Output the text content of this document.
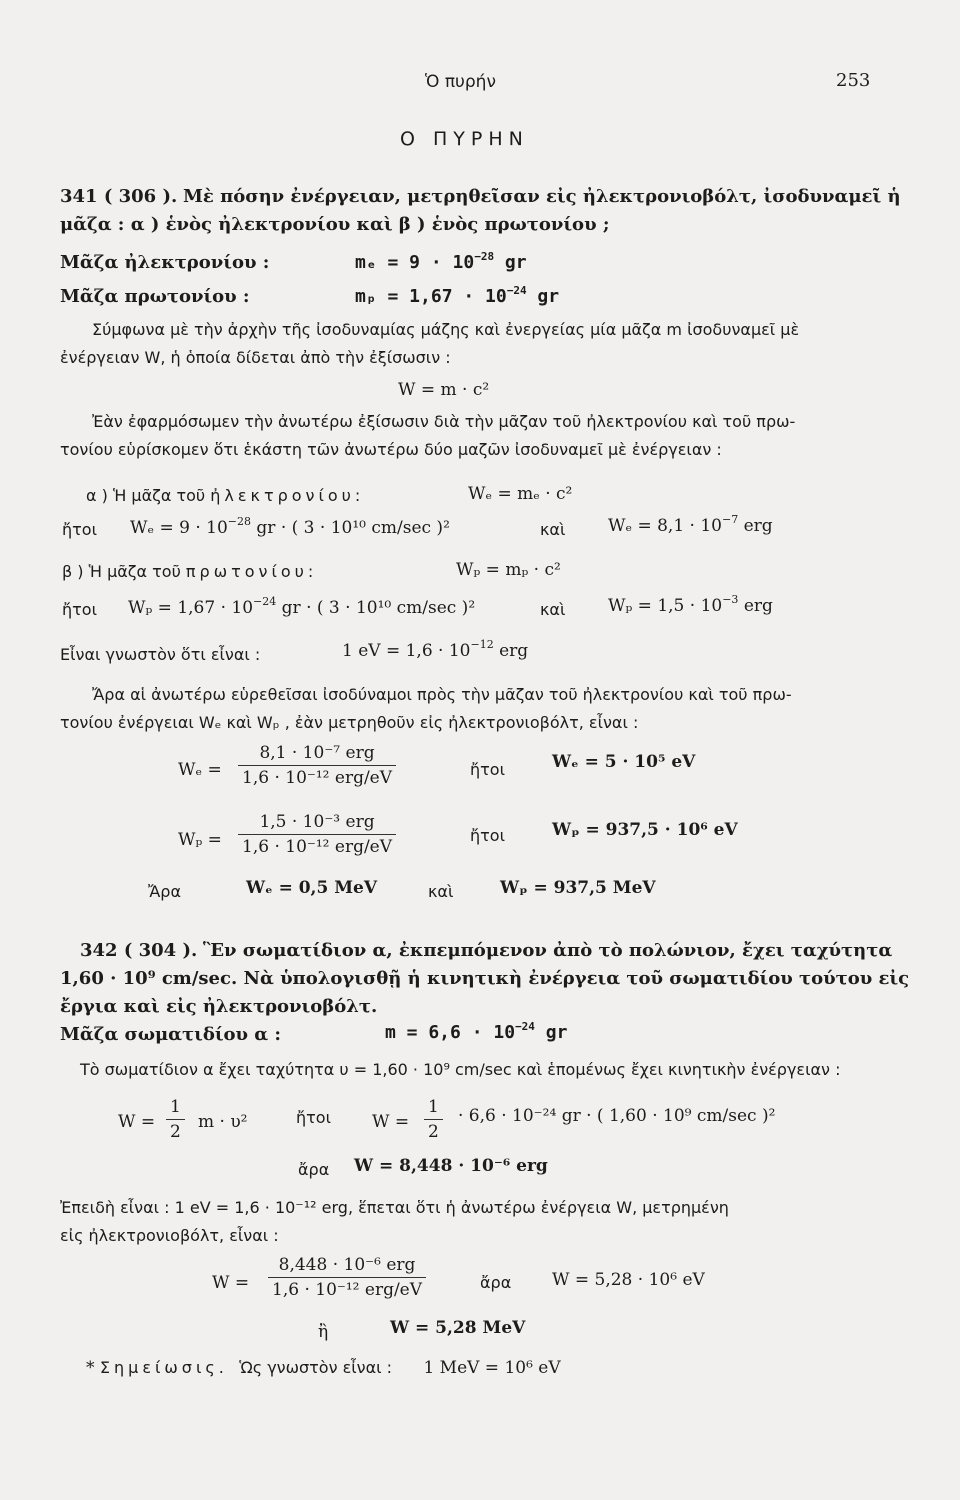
Ὁ πυρήν	253
Ο ΠΥΡΗΝ
341 ( 306 ). Μὲ πόσην ἐνέργειαν, μετρηθεῖσαν εἰς ἠλεκτρονιοβόλτ, ἰσοδυναμεῖ ἡ
μᾶζα : α ) ἑνὸς ἠλεκτρονίου καὶ β ) ἑνὸς πρωτονίου ;
Μᾶζα ἠλεκτρονίου :	$m_e = 9 \cdot 10^{-28}$ gr
Μᾶζα πρωτονίου :	$m_p = 1,67 \cdot 10^{-24}$ gr
Σύμφωνα μὲ τὴν ἀρχὴν τῆς ἰσοδυναμίας μάζης καὶ ἐνεργείας μία μᾶζα m ἰσοδυναμεῖ μὲ
ἐνέργειαν W, ἡ ὁποία δίδεται ἀπὸ τὴν ἐξίσωσιν :
W = m · c²
Ἐὰν ἐφαρμόσωμεν τὴν ἀνωτέρω ἐξίσωσιν διὰ τὴν μᾶζαν τοῦ ἠλεκτρονίου καὶ τοῦ πρω-
τονίου εὑρίσκομεν ὅτι ἑκάστη τῶν ἀνωτέρω δύο μαζῶν ἰσοδυναμεῖ μὲ ἐνέργειαν :
α ) Ἡ μᾶζα τοῦ ἠλεκτρονίου:	Wₑ = mₑ · c²
ἤτοι $W_e = 9 \cdot 10^{-28}$ gr · ( 3 · 10¹⁰ cm/sec )²	καὶ	$W_e = 8,1 \cdot 10^{-7}$ erg
β ) Ἡ μᾶζα τοῦ πρωτονίου:	Wₚ = mₚ · c²
ἤτοι $W_p = 1,67 \cdot 10^{-24}$ gr · ( 3 · 10¹⁰ cm/sec )²	καὶ	$W_p = 1,5 \cdot 10^{-3}$ erg
Εἶναι γνωστὸν ὅτι εἶναι :	1 eV = $1,6 \cdot 10^{-12}$ erg
Ἄρα αἱ ἀνωτέρω εὑρεθεῖσαι ἰσοδύναμοι πρὸς τὴν μᾶζαν τοῦ ἠλεκτρονίου καὶ τοῦ πρω-
τονίου ἐνέργειαι Wₑ καὶ Wₚ , ἐὰν μετρηθοῦν εἰς ἠλεκτρονιοβόλτ, εἶναι :
Wₑ =
8,1 · 10⁻⁷ erg
1,6 · 10⁻¹² erg/eV	ἤτοι	Wₑ = 5 · 10⁵ eV
Wₚ =
1,5 · 10⁻³ erg
1,6 · 10⁻¹² erg/eV
ἤτοι	Wₚ = 937,5 · 10⁶ eV
Ἄρα	Wₑ = 0,5 MeV	καὶ	Wₚ = 937,5 MeV
342 ( 304 ). Ἓν σωματίδιον α, ἐκπεμπόμενον ἀπὸ τὸ πολώνιον, ἔχει ταχύτητα
1,60 · 10⁹ cm/sec. Νὰ ὑπολογισθῇ ἡ κινητικὴ ἐνέργεια τοῦ σωματιδίου τούτου εἰς
ἔργια καὶ εἰς ἠλεκτρονιοβόλτ.
Μᾶζα σωματιδίου α :	$m = 6,6 \cdot 10^{-24}$ gr
Τὸ σωματίδιον α ἔχει ταχύτητα υ = 1,60 · 10⁹ cm/sec καὶ ἑπομένως ἔχει κινητικὴν ἐνέργειαν :
$W = \frac{1}{2}$ m · υ²	ἤτοι $W = \frac{1}{2} \cdot 6,6 \cdot 10^{-24}$ gr · ( 1,60 · 10⁹ cm/sec )²
ἄρα W = 8,448 · 10⁻⁶ erg
Ἐπειδὴ εἶναι : 1 eV = 1,6 · 10⁻¹² erg, ἕπεται ὅτι ἡ ἀνωτέρω ἐνέργεια W, μετρημένη
εἰς ἠλεκτρονιοβόλτ, εἶναι :
W =
8,448 · 10⁻⁶ erg
1,6 · 10⁻¹² erg/eV	ἄρα W = 5,28 · 10⁶ eV
ἢ	W = 5,28 MeV
* Σημείωσις. Ὡς γνωστὸν εἶναι : 1 MeV = 10⁶ eV
